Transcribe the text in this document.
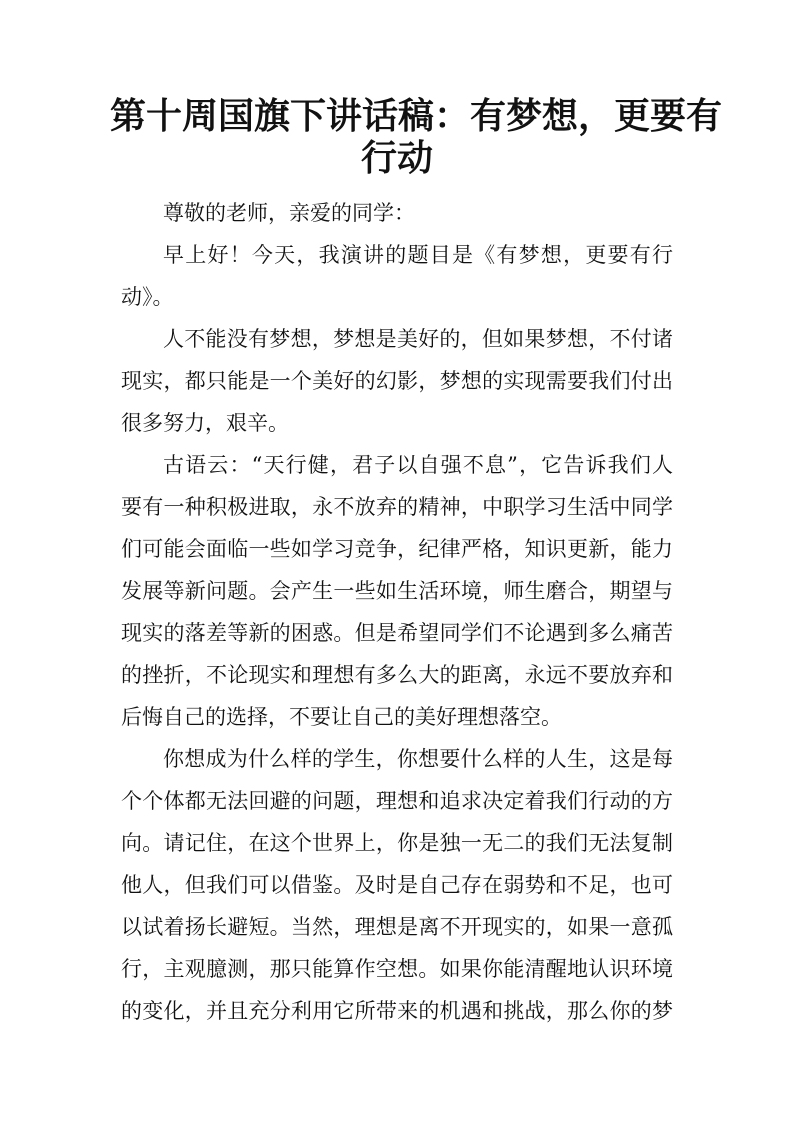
第十周国旗下讲话稿：有梦想，更要有
行动
尊敬的老师，亲爱的同学：
早上好！今天，我演讲的题目是《有梦想，更要有行
动》。
人不能没有梦想，梦想是美好的，但如果梦想，不付诸
现实，都只能是一个美好的幻影，梦想的实现需要我们付出
很多努力，艰辛。
古语云：“天行健，君子以自强不息”，它告诉我们人
要有一种积极进取，永不放弃的精神，中职学习生活中同学
们可能会面临一些如学习竞争，纪律严格，知识更新，能力
发展等新问题。会产生一些如生活环境，师生磨合，期望与
现实的落差等新的困惑。但是希望同学们不论遇到多么痛苦
的挫折，不论现实和理想有多么大的距离，永远不要放弃和
后悔自己的选择，不要让自己的美好理想落空。
你想成为什么样的学生，你想要什么样的人生，这是每
个个体都无法回避的问题，理想和追求决定着我们行动的方
向。请记住，在这个世界上，你是独一无二的我们无法复制
他人，但我们可以借鉴。及时是自己存在弱势和不足，也可
以试着扬长避短。当然，理想是离不开现实的，如果一意孤
行，主观臆测，那只能算作空想。如果你能清醒地认识环境
的变化，并且充分利用它所带来的机遇和挑战，那么你的梦
